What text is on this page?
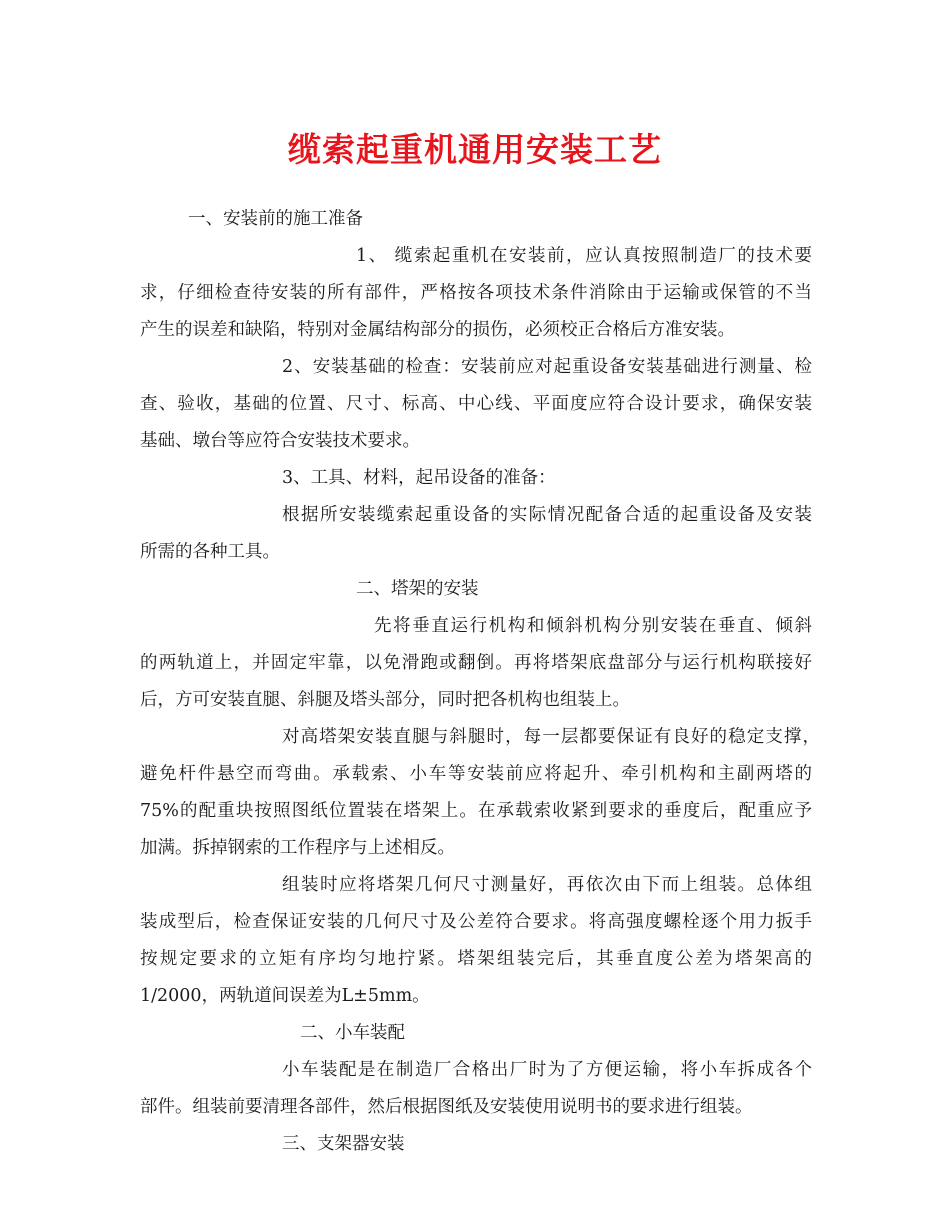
缆索起重机通用安装工艺
一、安装前的施工准备
1、 缆索起重机在安装前，应认真按照制造厂的技术要
求，仔细检查待安装的所有部件，严格按各项技术条件消除由于运输或保管的不当
产生的误差和缺陷，特别对金属结构部分的损伤，必须校正合格后方准安装。
2、安装基础的检查：安装前应对起重设备安装基础进行测量、检
查、验收，基础的位置、尺寸、标高、中心线、平面度应符合设计要求，确保安装
基础、墩台等应符合安装技术要求。
3、工具、材料，起吊设备的准备：
根据所安装缆索起重设备的实际情况配备合适的起重设备及安装
所需的各种工具。
二、塔架的安装
先将垂直运行机构和倾斜机构分别安装在垂直、倾斜
的两轨道上，并固定牢靠，以免滑跑或翻倒。再将塔架底盘部分与运行机构联接好
后，方可安装直腿、斜腿及塔头部分，同时把各机构也组装上。
对高塔架安装直腿与斜腿时，每一层都要保证有良好的稳定支撑，
避免杆件悬空而弯曲。承载索、小车等安装前应将起升、牵引机构和主副两塔的
75%的配重块按照图纸位置装在塔架上。在承载索收紧到要求的垂度后，配重应予
加满。拆掉钢索的工作程序与上述相反。
组装时应将塔架几何尺寸测量好，再依次由下而上组装。总体组
装成型后，检查保证安装的几何尺寸及公差符合要求。将高强度螺栓逐个用力扳手
按规定要求的立矩有序均匀地拧紧。塔架组装完后，其垂直度公差为塔架高的
1/2000，两轨道间误差为L±5mm。
二、小车装配
小车装配是在制造厂合格出厂时为了方便运输，将小车拆成各个
部件。组装前要清理各部件，然后根据图纸及安装使用说明书的要求进行组装。
三、支架器安装
